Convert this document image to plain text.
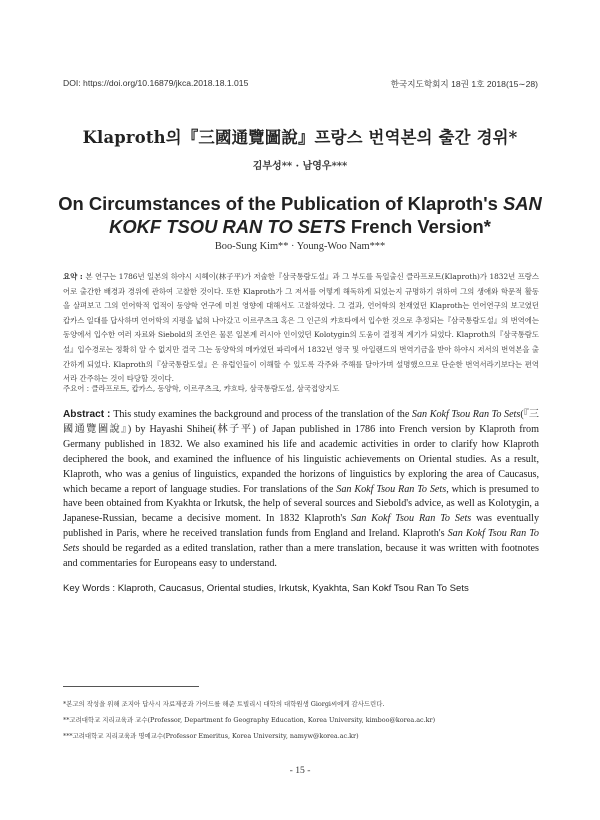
DOI: https://doi.org/10.16879/jkca.2018.18.1.015	한국지도학회지 18권 1호 2018(15∼28)
Klaproth의『三國通覽圖說』프랑스 번역본의 출간 경위*
김부성** · 남영우***
On Circumstances of the Publication of Klaproth's SAN
KOKF TSOU RAN TO SETS French Version*
Boo-Sung Kim** · Young-Woo Nam***
요약 : 본 연구는 1786년 일본의 하야시 시헤이(林子平)가 저술한『삼국통람도설』과 그 부도를 독일출신 클라프로트(Klaproth)가 1832년 프랑스 어로 출간한 배경과 경위에 관하여 고찰한 것이다. 또한 Klaproth가 그 저서를 어떻게 해독하게 되었는지 규명하기 위하여 그의 생애와 학문적 활동을 살펴보고 그의 언어학적 업적이 동양학 연구에 미친 영향에 대해서도 고찰하였다. 그 결과, 언어학의 천재였던 Klaproth는 언어연구의 보고였던 캅카스 일대를 답사하며 언어학의 지평을 넓혀 나아갔고 이르쿠츠크 혹은 그 인근의 캬흐타에서 입수한 것으로 추정되는『삼국통람도설』의 번역에는 동양에서 입수한 여러 자료와 Siebold의 조언은 물론 일본계 러시아 인이었던 Kolotygin의 도움이 결정적 계기가 되었다. Klaproth의『삼국통람도설』입수경로는 정확히 알 수 없지만 결국 그는 동양학의 메카였던 파리에서 1832년 영국 및 아일랜드의 번역기금을 받아 하야시 저서의 번역본을 출간하게 되었다. Klaproth의『삼국통람도설』은 유럽인들이 이해할 수 있도록 각주와 주해를 달아가며 설명했으므로 단순한 번역서라기보다는 편역서라 간주하는 것이 타당할 것이다.
주요어 : 클라프로트, 캅카스, 동양학, 이르쿠츠크, 캬흐타, 삼국통람도설, 삼국접양지도
Abstract : This study examines the background and process of the translation of the San Kokf Tsou Ran To Sets(『三國通覽圖說』) by Hayashi Shihei(林子平) of Japan published in 1786 into French version by Klaproth from Germany published in 1832. We also examined his life and academic activities in order to clarify how Klaproth deciphered the book, and examined the influence of his linguistic achievements on Oriental studies. As a result, Klaproth, who was a genius of linguistics, expanded the horizons of linguistics by exploring the area of Caucasus, which became a report of language studies. For translations of the San Kokf Tsou Ran To Sets, which is presumed to have been obtained from Kyakhta or Irkutsk, the help of several sources and Siebold's advice, as well as Kolotygin, a Japanese-Russian, became a decisive moment. In 1832 Klaproth's San Kokf Tsou Ran To Sets was eventually published in Paris, where he received translation funds from England and Ireland. Klaproth's San Kokf Tsou Ran To Sets should be regarded as a edited translation, rather than a mere translation, because it was written with footnotes and commentaries for Europeans easy to understand.
Key Words : Klaproth, Caucasus, Oriental studies, Irkutsk, Kyakhta, San Kokf Tsou Ran To Sets

*본고의 작성을 위해 조지아 답사시 자료제공과 가이드를 해준 트빌리시 대학의 대학원생 Giorgi씨에게 감사드린다.

**고려대학교 지리교육과 교수(Professor, Department fo Geography Education, Korea University, kimboo@korea.ac.kr)

***고려대학교 지리교육과 명예교수(Professor Emeritus, Korea University, namyw@korea.ac.kr)

- 15 -
